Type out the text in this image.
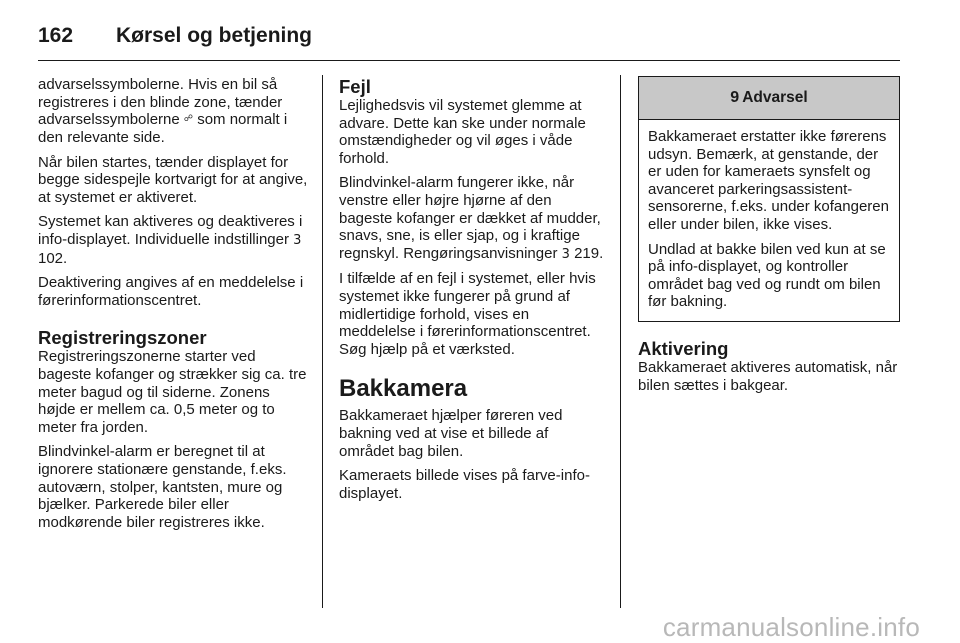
162	Kørsel og betjening

advarselssymbolerne. Hvis en bil så registreres i den blinde zone, tænder advarselssymbolerne ☍ som normalt i den relevante side.

Når bilen startes, tænder displayet for begge sidespejle kortvarigt for at angive, at systemet er aktiveret.

Systemet kan aktiveres og deaktiveres i info-displayet. Individuelle indstillinger 3 102.

Deaktivering angives af en meddelelse i førerinformationscentret.

Registreringszoner

Registreringszonerne starter ved bageste kofanger og strækker sig ca. tre meter bagud og til siderne. Zonens højde er mellem ca. 0,5 meter og to meter fra jorden.

Blindvinkel-alarm er beregnet til at ignorere stationære genstande, f.eks. autoværn, stolper, kantsten, mure og bjælker. Parkerede biler eller modkørende biler registreres ikke.

Fejl

Lejlighedsvis vil systemet glemme at advare. Dette kan ske under normale omstændigheder og vil øges i våde forhold.

Blindvinkel-alarm fungerer ikke, når venstre eller højre hjørne af den bageste kofanger er dækket af mudder, snavs, sne, is eller sjap, og i kraftige regnskyl. Rengøringsanvisninger 3 219.

I tilfælde af en fejl i systemet, eller hvis systemet ikke fungerer på grund af midlertidige forhold, vises en meddelelse i førerinformationscentret. Søg hjælp på et værksted.

Bakkamera

Bakkameraet hjælper føreren ved bakning ved at vise et billede af området bag bilen.

Kameraets billede vises på farve-info-displayet.

9 Advarsel

Bakkameraet erstatter ikke førerens udsyn. Bemærk, at genstande, der er uden for kameraets synsfelt og avanceret parkeringsassistent-sensorerne, f.eks. under kofangeren eller under bilen, ikke vises.

Undlad at bakke bilen ved kun at se på info-displayet, og kontroller området bag ved og rundt om bilen før bakning.

Aktivering

Bakkameraet aktiveres automatisk, når bilen sættes i bakgear.

carmanualsonline.info
